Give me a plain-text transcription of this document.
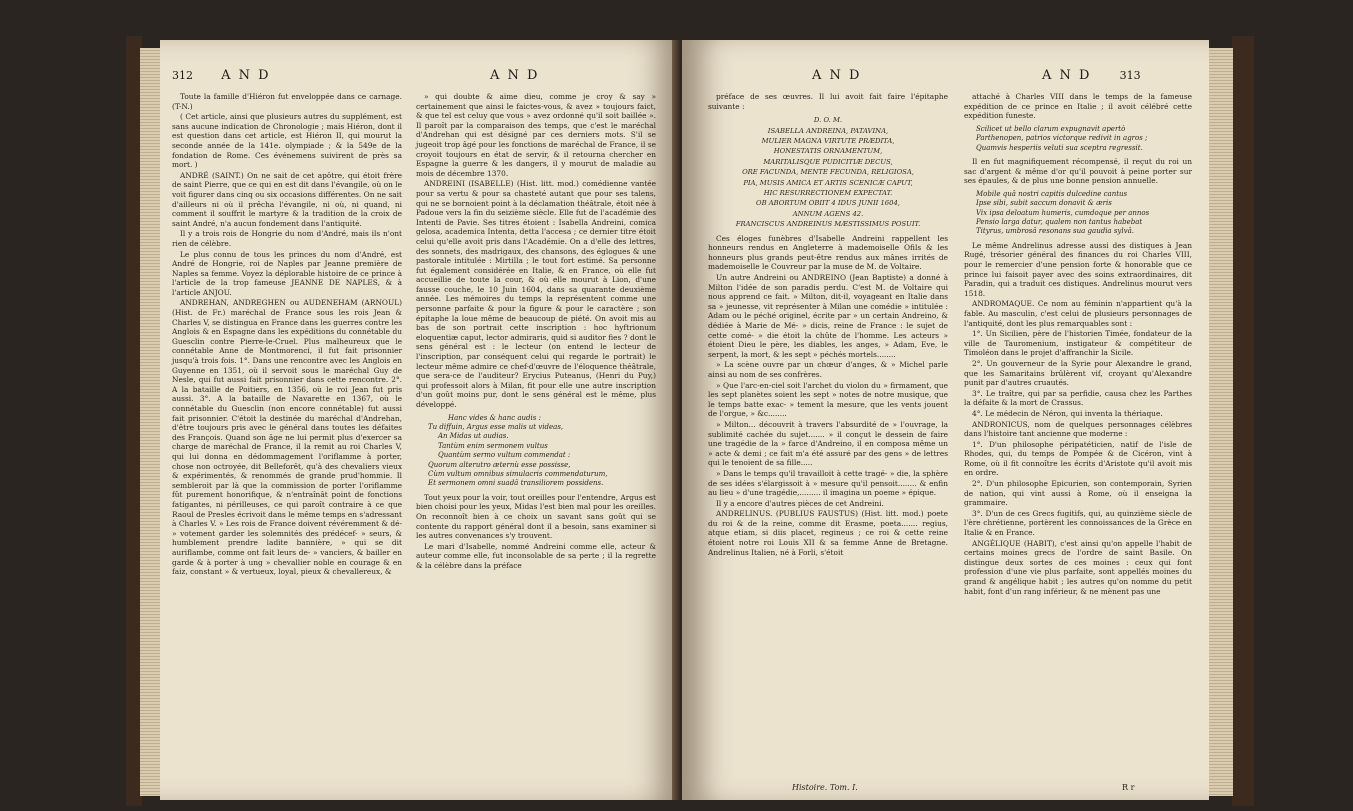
312 A N D	A N D

Toute la famille d'Hiéron fut enveloppée dans ce carnage. (T-N.)

( Cet article, ainsi que plusieurs autres du supplément, est sans aucune indication de Chronologie ; mais Hiéron, dont il est question dans cet article, est Hiéron II, qui mourut la seconde année de la 141e. olympiade ; & la 549e de la fondation de Rome. Ces événemens suivirent de près sa mort. )

ANDRÉ (SAINT.) On ne sait de cet apôtre, qui étoit frère de saint Pierre, que ce qui en est dit dans l'évangile, où on le voit figurer dans cinq ou six occasions différentes. On ne sait d'ailleurs ni où il prêcha l'évangile, ni où, ni quand, ni comment il souffrit le martyre & la tradition de la croix de saint André, n'a aucun fondement dans l'antiquité.

Il y a trois rois de Hongrie du nom d'André, mais ils n'ont rien de célèbre.

Le plus connu de tous les princes du nom d'André, est André de Hongrie, roi de Naples par Jeanne première de Naples sa femme. Voyez la déplorable histoire de ce prince à l'article de la trop fameuse JEANNE DE NAPLES, & à l'article ANJOU.

ANDREHAN, ANDREGHEN ou AUDENEHAM (ARNOUL) (Hist. de Fr.) maréchal de France sous les rois Jean & Charles V, se distingua en France dans les guerres contre les Anglois & en Espagne dans les expéditions du connétable du Guesclin contre Pierre-le-Cruel. Plus malheureux que le connétable Anne de Montmorenci, il fut fait prisonnier jusqu'à trois fois. 1°. Dans une rencontre avec les Anglois en Guyenne en 1351, où il servoit sous le maréchal Guy de Nesle, qui fut aussi fait prisonnier dans cette rencontre. 2°. A la bataille de Poitiers, en 1356, où le roi Jean fut pris aussi. 3°. A la bataille de Navarette en 1367, où le connétable du Guesclin (non encore connétable) fut aussi fait prisonnier. C'étoit la destinée du maréchal d'Andrehan, d'être toujours pris avec le général dans toutes les défaites des François. Quand son âge ne lui permit plus d'exercer sa charge de maréchal de France, il la remit au roi Charles V, qui lui donna en dédommagement l'oriflamme à porter, chose non octroyée, dit Belleforêt, qu'à des chevaliers vieux & expérimentés, & renommés de grande prud'hommie. Il sembleroit par là que la commission de porter l'oriflamme fût purement honorifique, & n'entraînât point de fonctions fatigantes, ni périlleuses, ce qui paroît contraire à ce que Raoul de Presles écrivoit dans le même temps en s'adressant à Charles V. » Les rois de France doivent révéremment & dé- » votement garder les solemnités des prédécef- » seurs, & humblement prendre ladite bannière, » qui se dit auriflambe, comme ont fait leurs de- » vanciers, & bailler en garde & à porter à ung » chevallier noble en courage & en faiz, constant » & vertueux, loyal, pieux & chevallereux, &

» qui doubte & aime dieu, comme je croy & say » certainement que ainsi le faictes-vous, & avez » toujours faict, & que tel est celuy que vous » avez ordonné qu'il soit baillée ». Il paroît par la comparaison des temps, que c'est le maréchal d'Andrehan qui est désigné par ces derniers mots. S'il se jugeoit trop âgé pour les fonctions de maréchal de France, il se croyoit toujours en état de servir, & il retourna chercher en Espagne la guerre & les dangers, il y mourut de maladie au mois de décembre 1370.

ANDREINI (ISABELLE) (Hist. litt. mod.) comédienne vantée pour sa vertu & pour sa chasteté autant que pour ses talens, qui ne se bornoient point à la déclamation théâtrale, étoit née à Padoue vers la fin du seizième siècle. Elle fut de l'académie des Intenti de Pavie. Ses titres étoient : Isabella Andreini, comica gelosa, academica Intenta, detta l'accesa ; ce dernier titre étoit celui qu'elle avoit pris dans l'Académie. On a d'elle des lettres, des sonnets, des madrigaux, des chansons, des églogues & une pastorale intitulée : Mirtilla ; le tout fort estimé. Sa personne fut également considérée en Italie, & en France, où elle fut accueillie de toute la cour, & où elle mourut à Lion, d'une fausse couche, le 10 Juin 1604, dans sa quarante deuxième année. Les mémoires du temps la représentent comme une personne parfaite & pour la figure & pour le caractère ; son épitaphe la loue même de beaucoup de piété. On avoit mis au bas de son portrait cette inscription : hoc hyftrionum eloquentiæ caput, lector admiraris, quid si auditor fies ? dont le sens général est : le lecteur (on entend le lecteur de l'inscription, par conséquent celui qui regarde le portrait) le lecteur même admire ce chef-d'œuvre de l'éloquence théâtrale, que sera-ce de l'auditeur? Erycius Puteanus, (Henri du Puy,) qui professoit alors à Milan, fit pour elle une autre inscription d'un goût moins pur, dont le sens général est le même, plus développé.

Hanc vides & hanc audis :
Tu diffuin, Argus esse malis ut videas,
An Midas ut audias.
Tantùm enim sermonem vultus
Quantùm sermo vultum commendat :
Quorum alterutro æternù esse possisse,
Cùm vultum omnibus simulacris commendaturum,
Et sermonem omni suadâ transiliorem possidens.

Tout yeux pour la voir, tout oreilles pour l'entendre, Argus est bien choisi pour les yeux, Midas l'est bien mal pour les oreilles. On reconnoît bien à ce choix un savant sans goût qui se contente du rapport général dont il a besoin, sans examiner si les autres convenances s'y trouvent.

Le mari d'Isabelle, nommé Andreini comme elle, acteur & auteur comme elle, fut inconsolable de sa perte ; il la regrette & la célèbre dans la préface

A N D	A N D	313

préface de ses œuvres. Il lui avoit fait faire l'épitaphe suivante :

D. O. M.
ISABELLA ANDREINA, PATAVINA,
MULIER MAGNA VIRTUTE PRÆDITA,
HONESTATIS ORNAMENTUM,
MARITALISQUE PUDICITIÆ DECUS,
ORE FACUNDA, MENTE FECUNDA, RELIGIOSA,
PIA, MUSIS AMICA ET ARTIS SCENICÆ CAPUT,
HIC RESURRECTIONEM EXPECTAT.
OB ABORTUM OBIIT 4 IDUS JUNII 1604,
ANNUM AGENS 42.
FRANCISCUS ANDREINUS MÆSTISSIMUS POSUIT.

Ces éloges funèbres d'Isabelle Andreini rappellent les honneurs rendus en Angleterre à mademoiselle Ofils & les honneurs plus grands peut-être rendus aux mânes irrités de mademoiselle le Couvreur par la muse de M. de Voltaire.

Un autre Andreini ou ANDREINO (Jean Baptiste) a donné à Milton l'idée de son paradis perdu. C'est M. de Voltaire qui nous apprend ce fait. » Milton, dit-il, voyageant en Italie dans sa » jeunesse, vit représenter à Milan une comédie » intitulée : Adam ou le péché originel, écrite par » un certain Andreino, & dédiée à Marie de Mé- » dicis, reine de France : le sujet de cette comé- » die étoit la chûte de l'homme. Les acteurs » étoient Dieu le père, les diables, les anges, » Adam, Eve, le serpent, la mort, & les sept » péchés mortels........

» La scène ouvre par un chœur d'anges, & » Michel parle ainsi au nom de ses confrères.

» Que l'arc-en-ciel soit l'archet du violon du » firmament, que les sept planètes soient les sept » notes de notre musique, que le temps batte exac- » tement la mesure, que les vents jouent de l'orgue, » &c........

» Milton... découvrit à travers l'absurdité de » l'ouvrage, la sublimité cachée du sujet....... » il conçut le dessein de faire une tragédie de la » farce d'Andreino, il en composa même un » acte & demi ; ce fait m'a été assuré par des gens » de lettres qui le tenoient de sa fille.....

» Dans le temps qu'il travailloit à cette tragé- » die, la sphère de ses idées s'élargissoit à » mesure qu'il pensoit........ & enfin au lieu » d'une tragédie,......... il imagina un poeme » épique.

Il y a encore d'autres pièces de cet Andreini.

ANDRELINUS. (PUBLIUS FAUSTUS) (Hist. litt. mod.) poete du roi & de la reine, comme dit Erasme, poeta....... regius, atque etiam, si diis placet, regineus ; ce roi & cette reine étoient notre roi Louis XII & sa femme Anne de Bretagne. Andrelinus Italien, né à Forli, s'étoit

attaché à Charles VIII dans le temps de la fameuse expédition de ce prince en Italie ; il avoit célébré cette expédition funeste.

Scilicet ut bello clarum expugnavit apertò
Parthenopen, patrios victorque redivit in agros ;
Quamvis hesperiis veluti sua sceptra regressit.

Il en fut magnifiquement récompensé, il reçut du roi un sac d'argent & même d'or qu'il pouvoit à peine porter sur ses épaules, & de plus une bonne pension annuelle.

Mobile quâ nostri capitis dulcedine cantus
Ipse sibi, subit saccum donavit & æris
Vix ipsa deloatum humeris, cumdoque per annos
Pensio larga datur, qualem non tantus habebat
Tityrus, umbrosâ resonans sua gaudia sylvâ.

Le même Andrelinus adresse aussi des distiques à Jean Rugé, trésorier général des finances du roi Charles VIII, pour le remercier d'une pension forte & honorable que ce prince lui faisoit payer avec des soins extraordinaires, dit Paradin, qui a traduit ces distiques. Andrelinus mourut vers 1518.

ANDROMAQUE. Ce nom au féminin n'appartient qu'à la fable. Au masculin, c'est celui de plusieurs personnages de l'antiquité, dont les plus remarquables sont :

1°. Un Sicilien, père de l'historien Timée, fondateur de la ville de Tauromenium, instigateur & compétiteur de Timoléon dans le projet d'affranchir la Sicile.

2°. Un gouverneur de la Syrie pour Alexandre le grand, que les Samaritains brûlèrent vif, croyant qu'Alexandre punit par d'autres cruautés.

3°. Le traître, qui par sa perfidie, causa chez les Parthes la défaite & la mort de Crassus.

4°. Le médecin de Néron, qui inventa la thériaque.

ANDRONICUS, nom de quelques personnages célèbres dans l'histoire tant ancienne que moderne :

1°. D'un philosophe péripatéticien, natif de l'isle de Rhodes, qui, du temps de Pompée & de Cicéron, vint à Rome, où il fit connoître les écrits d'Aristote qu'il avoit mis en ordre.

2°. D'un philosophe Epicurien, son contemporain, Syrien de nation, qui vint aussi à Rome, où il enseigna la grammaire.

3°. D'un de ces Grecs fugitifs, qui, au quinzième siècle de l'ère chrétienne, portèrent les connoissances de la Grèce en Italie & en France.

ANGÉLIQUE (HABIT), c'est ainsi qu'on appelle l'habit de certains moines grecs de l'ordre de saint Basile. On distingue deux sortes de ces moines : ceux qui font profession d'une vie plus parfaite, sont appellés moines du grand & angélique habit ; les autres qu'on nomme du petit habit, font d'un rang inférieur, & ne mènent pas une

Histoire. Tom. I.	R r
